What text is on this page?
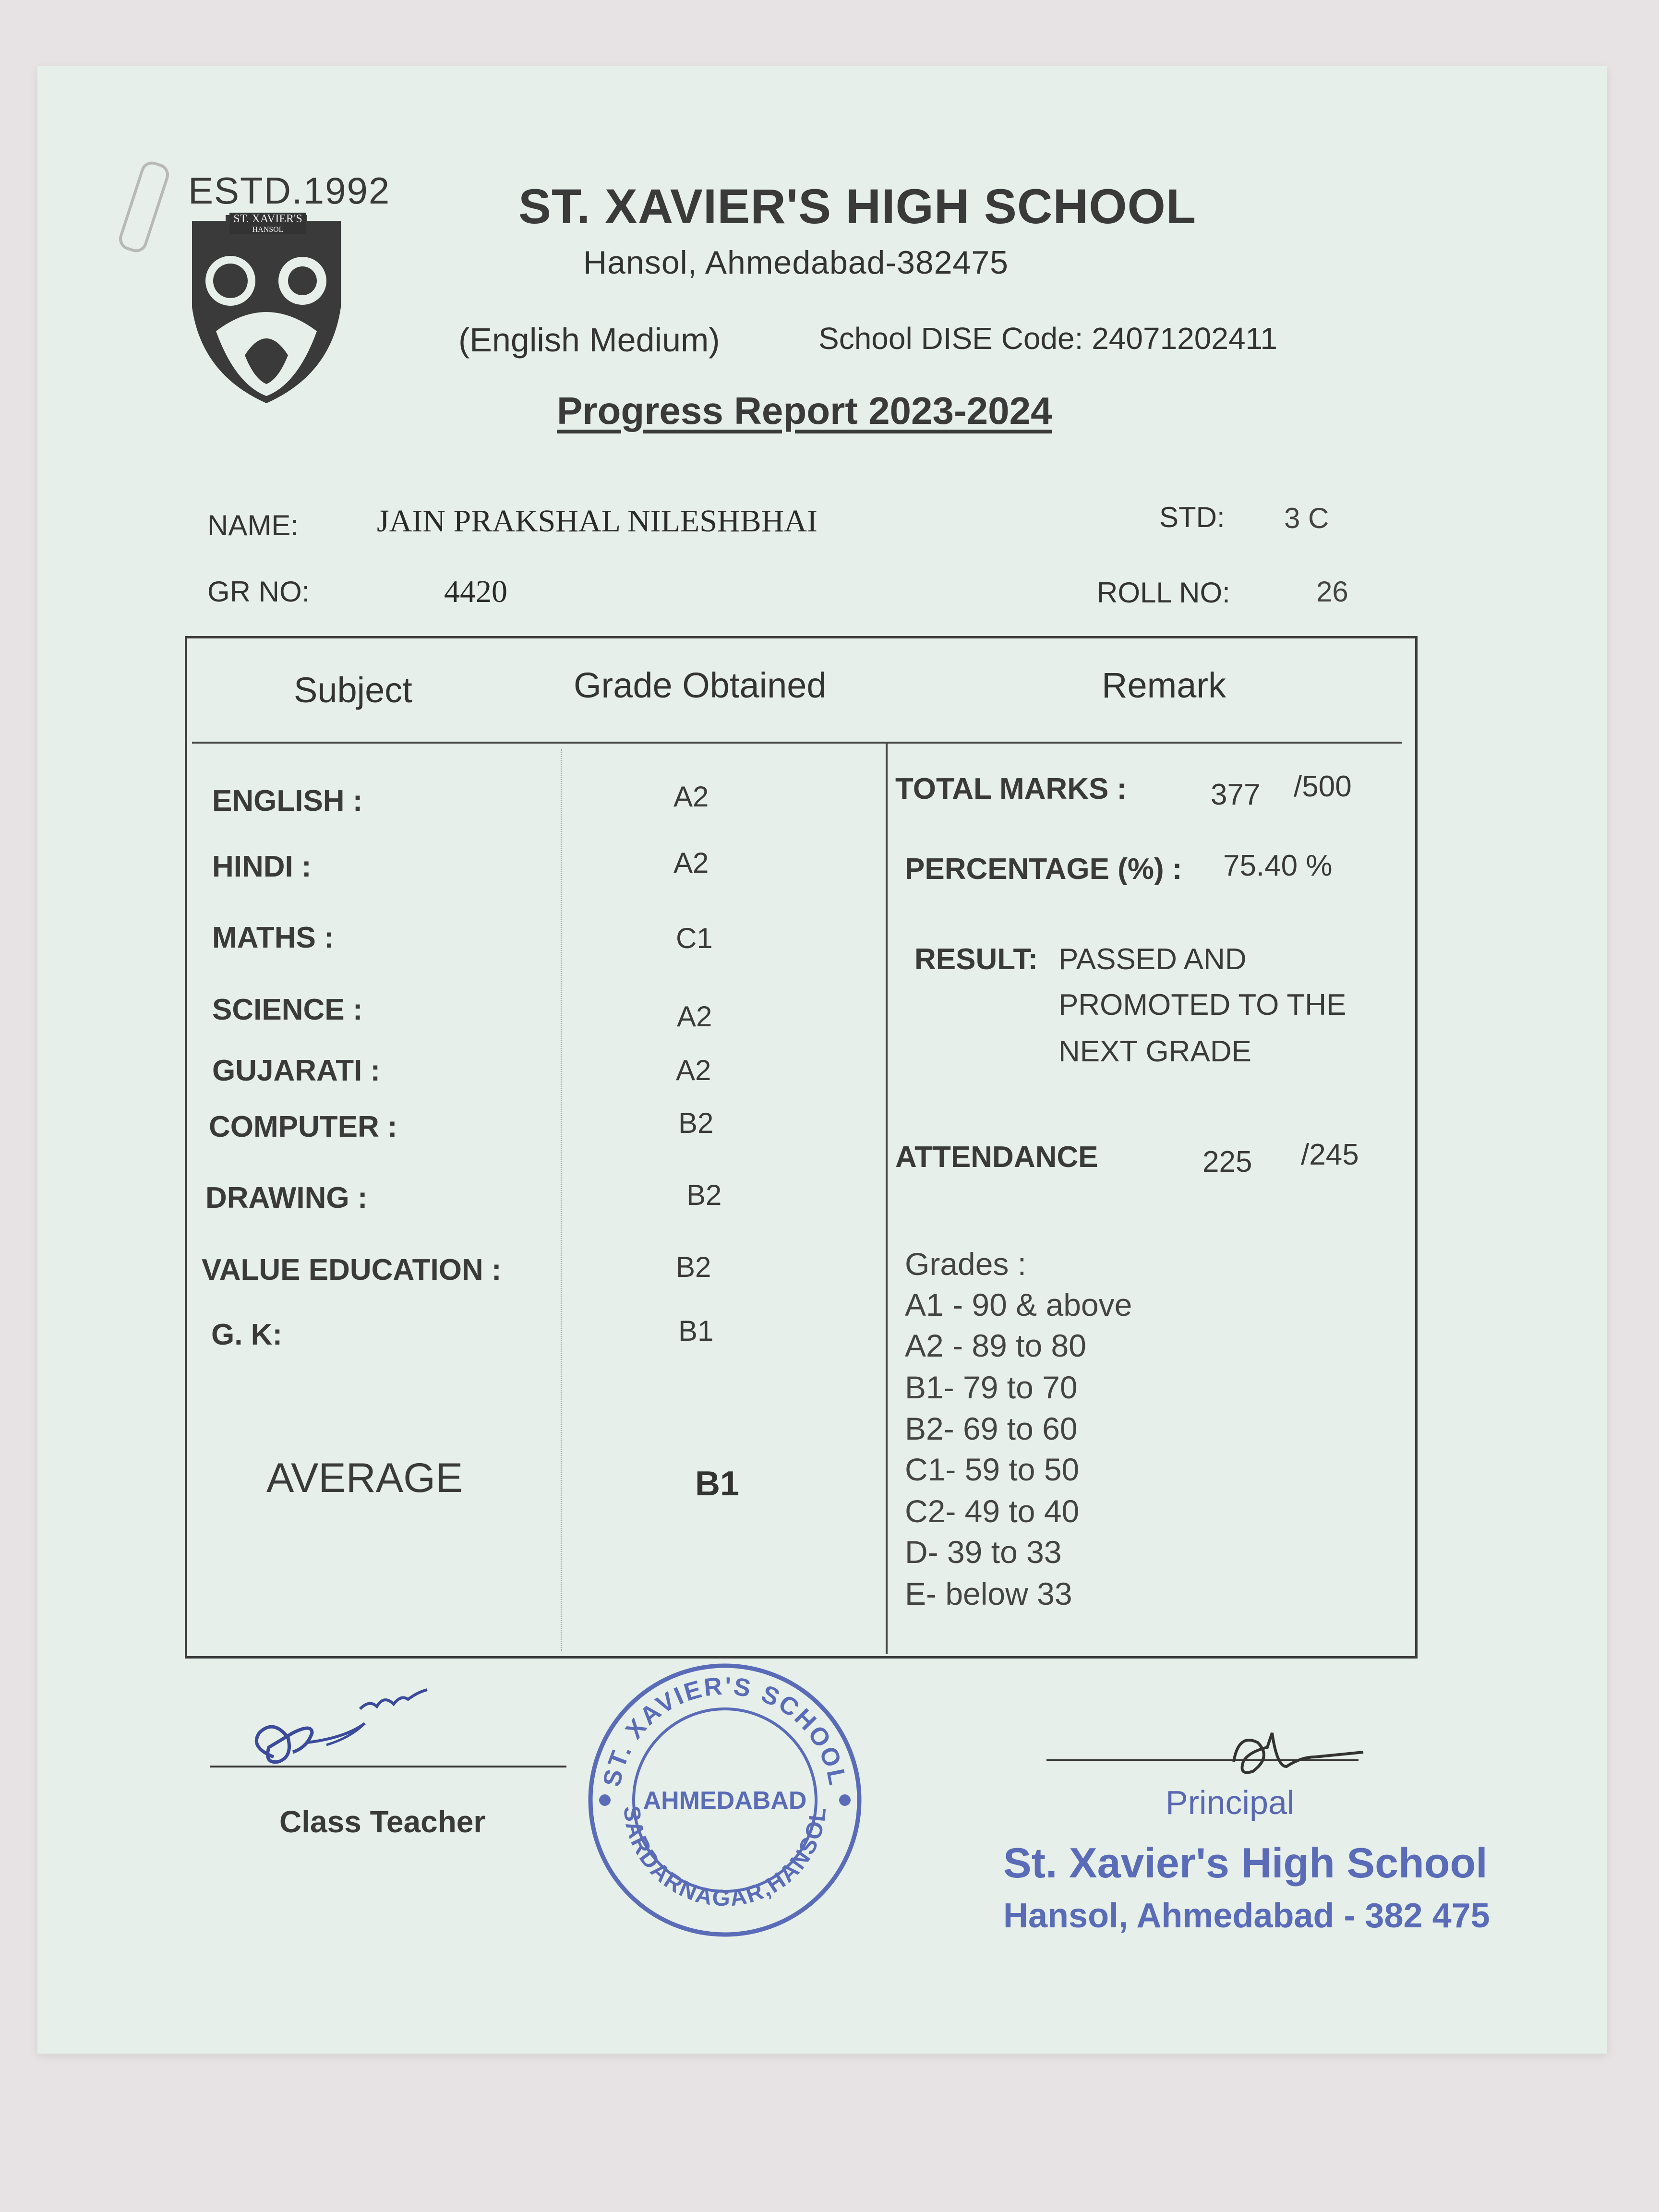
ESTD.1992
ST. XAVIER'S
HANSOL	ST. XAVIER'S HIGH SCHOOL
Hansol, Ahmedabad-382475
(English Medium)	School DISE Code: 24071202411
Progress Report 2023-2024
NAME: JAIN PRAKSHAL NILESHBHAI	STD: 3 C
GR NO:	4420	ROLL NO:	26
Subject	Grade Obtained	Remark
ENGLISH :	A2
HINDI :	A2
MATHS :	C1
SCIENCE :	A2
GUJARATI :	A2
COMPUTER :	B2
DRAWING :	B2
VALUE EDUCATION :	B2
G. K:	B1
AVERAGE	B1
TOTAL MARKS :	377 /500
PERCENTAGE (%) : 75.40 %
RESULT: PASSED AND
PROMOTED TO THE
NEXT GRADE
ATTENDANCE	225 /245
Grades :
A1 - 90 & above
A2 - 89 to 80
B1- 79 to 70
B2- 69 to 60
C1- 59 to 50
C2- 49 to 40
D- 39 to 33
E- below 33
Class Teacher
ST. XAVIER'S SCHOOL
SARDARNAGAR,HANSOL
AHMEDABAD	Principal
St. Xavier's High School
Hansol, Ahmedabad - 382 475
